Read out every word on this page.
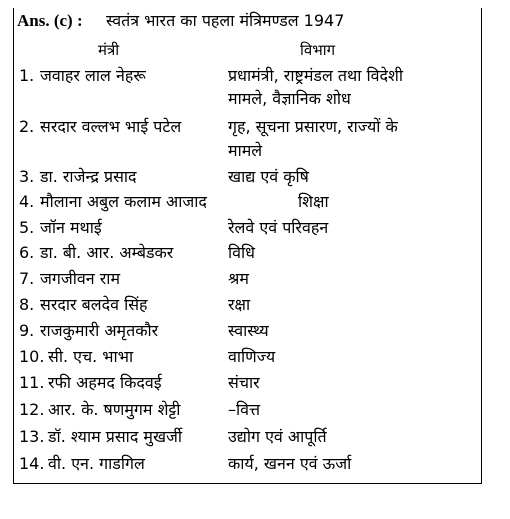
Ans. (c) : स्वतंत्र भारत का पहला मंत्रिमण्डल 1947
मंत्री	विभाग
1. जवाहर लाल नेहरू	प्रधामंत्री, राष्ट्रमंडल तथा विदेशी
मामले, वैज्ञानिक शोध
2. सरदार वल्लभ भाई पटेल	गृह, सूचना प्रसारण, राज्यों के
मामले
3. डा. राजेन्द्र प्रसाद	खाद्य एवं कृषि
4. मौलाना अबुल कलाम आजाद	शिक्षा
5. जॉन मथाई	रेलवे एवं परिवहन
6. डा. बी. आर. अम्बेडकर	विधि
7. जगजीवन राम	श्रम
8. सरदार बलदेव सिंह	रक्षा
9. राजकुमारी अमृतकौर	स्वास्थ्य
10. सी. एच. भाभा	वाणिज्य
11. रफी अहमद किदवई	संचार
12. आर. के. षणमुगम शेट्टी	–वित्त
13. डॉ. श्याम प्रसाद मुखर्जी	उद्योग एवं आपूर्ति
14. वी. एन. गाडगिल	कार्य, खनन एवं ऊर्जा
